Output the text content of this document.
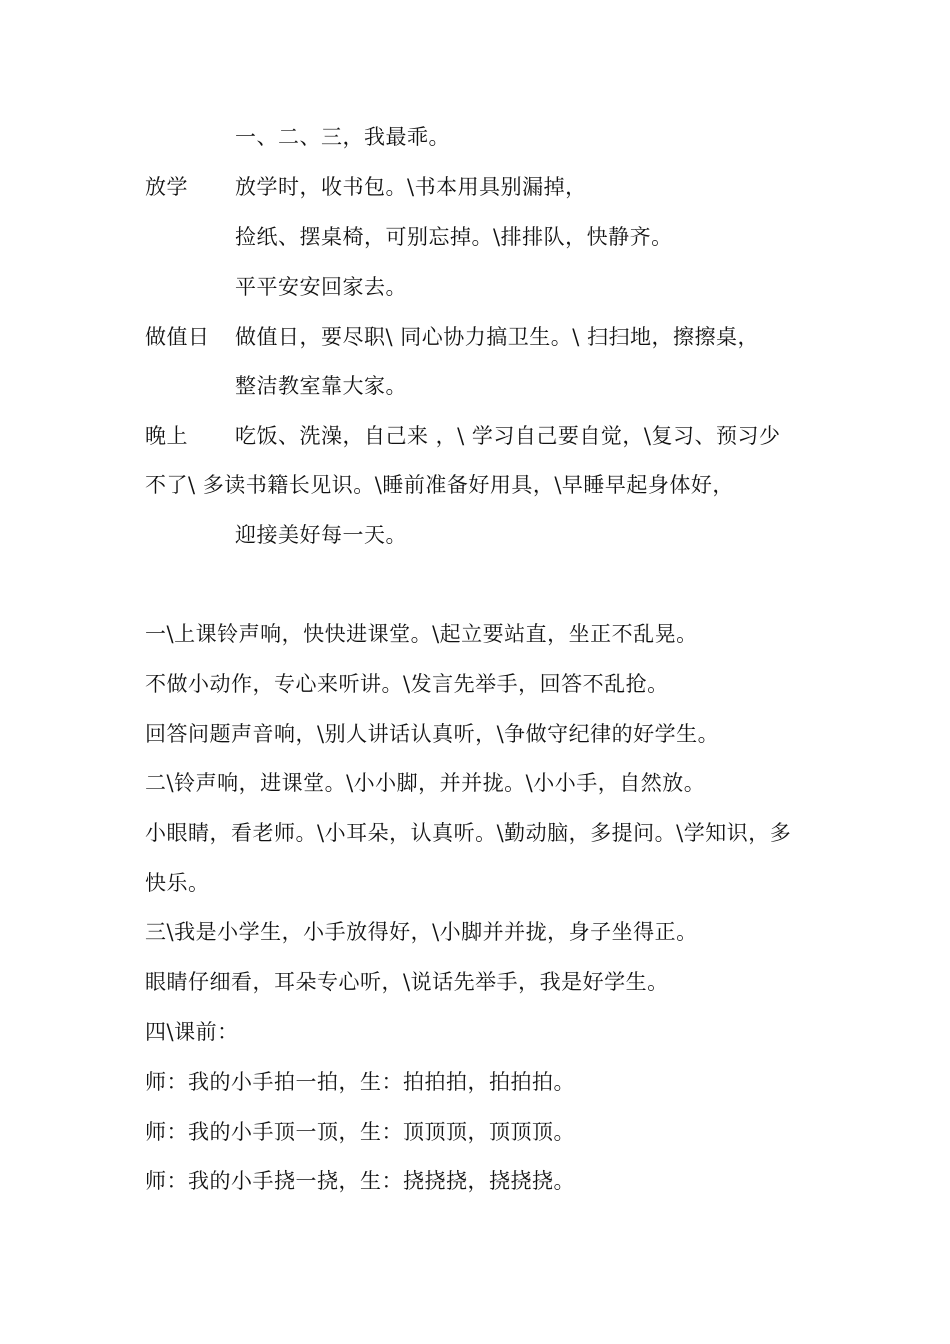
一、二、三，我最乖。
放学 放学时，收书包。\书本用具别漏掉，
捡纸、摆桌椅，可别忘掉。\排排队，快静齐。
平平安安回家去。
做值日 做值日，要尽职\ 同心协力搞卫生。\ 扫扫地，擦擦桌，
整洁教室靠大家。
晚上 吃饭、洗澡，自己来 ，\ 学习自己要自觉，\复习、预习少
不了\ 多读书籍长见识。\睡前准备好用具，\早睡早起身体好，
迎接美好每一天。
一\上课铃声响，快快进课堂。\起立要站直，坐正不乱晃。
不做小动作，专心来听讲。\发言先举手，回答不乱抢。
回答问题声音响，\别人讲话认真听，\争做守纪律的好学生。
二\铃声响，进课堂。\小小脚，并并拢。\小小手，自然放。
小眼睛，看老师。\小耳朵，认真听。\勤动脑，多提问。\学知识，多
快乐。
三\我是小学生，小手放得好，\小脚并并拢，身子坐得正。
眼睛仔细看，耳朵专心听，\说话先举手，我是好学生。
四\课前：
师：我的小手拍一拍，生：拍拍拍，拍拍拍。
师：我的小手顶一顶，生：顶顶顶，顶顶顶。
师：我的小手挠一挠，生：挠挠挠，挠挠挠。
